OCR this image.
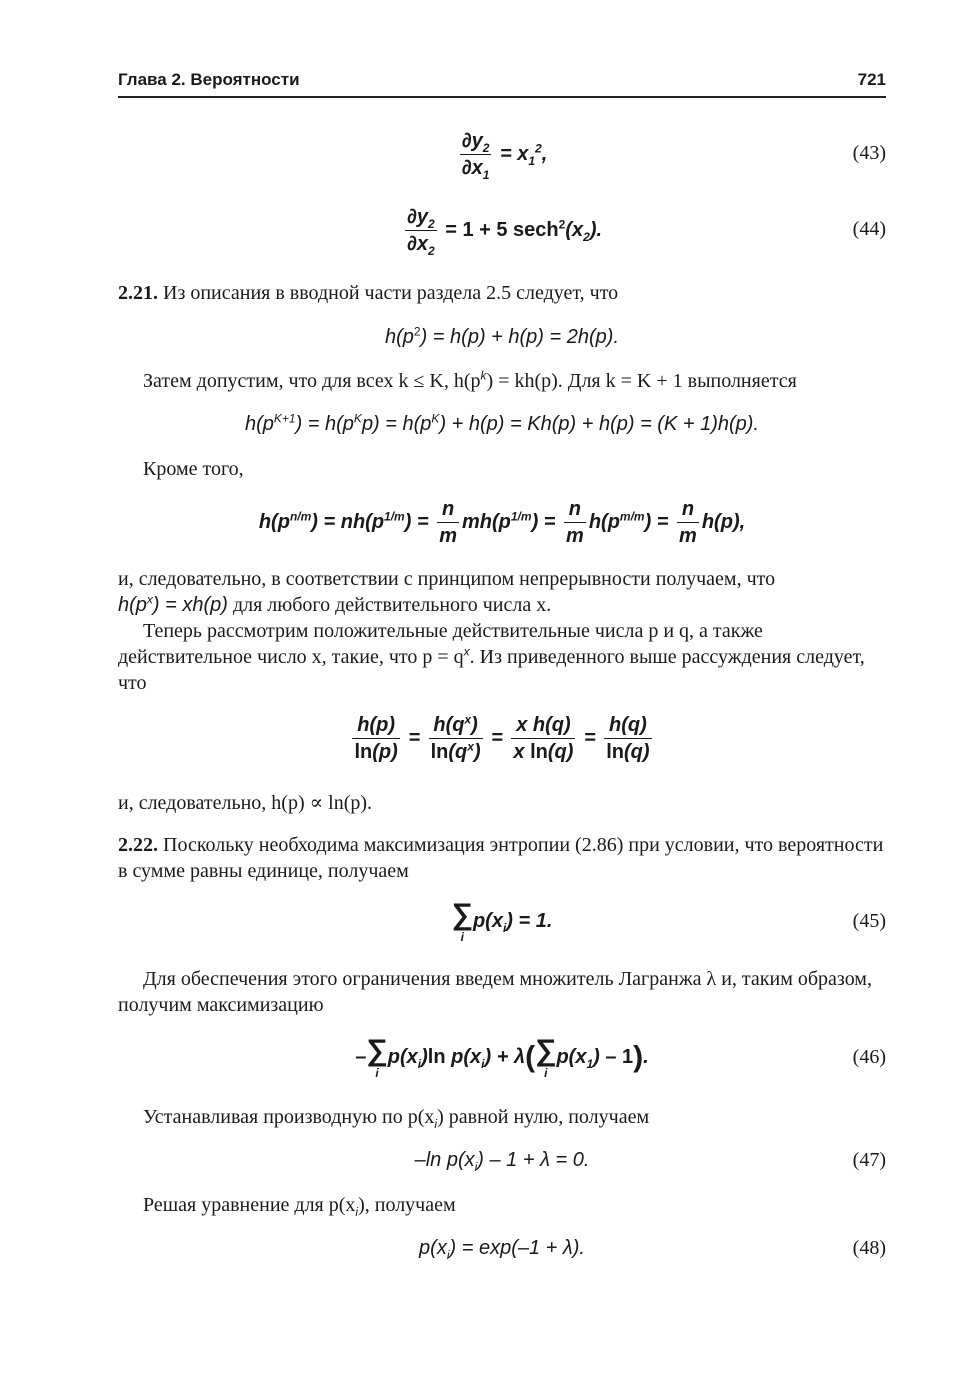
Глава 2. Вероятности	721
$\frac{\partial y_2}{\partial x_1} = x_1^2$,	(43)
$\frac{\partial y_2}{\partial x_2} = 1 + 5$ $\sec h^2(x_2)$.	(44)
2.21. Из описания в вводной части раздела 2.5 следует, что
$h(p^2) = h(p) + h(p) = 2h(p)$.
Затем допустим, что для всех k ≤ K, $h(p^k) = kh(p)$. Для k = K + 1 выполняется
$h(p^{K+1}) = h(p^Kp) = h(p^K) + h(p) = Kh(p) + h(p) = (K + 1)h(p)$.
Кроме того,
$h(p^{n/m}) = nh(p^{1/m}) = \frac{n}{m} mh(p^{1/m}) = \frac{n}{m} h(p^{m/m}) = \frac{n}{m} h(p)$,
и, следовательно, в соответствии с принципом непрерывности получаем, что
$h(p^x) = xh(p)$ для любого действительного числа x.
Теперь рассмотрим положительные действительные числа p и q, а также действительное число x, такие, что $p = q^x$. Из приведенного выше рассуждения следует, что
$\frac{h(p)}{\ln(p)} = \frac{h(q^x)}{\ln(q^x)} = \frac{\text{x h(q)}}{\text{x ln(q)}} = \frac{h(q)}{\ln(q)}$
и, следовательно, h(p) ∝ ln(p).
2.22. Поскольку необходима максимизация энтропии (2.86) при условии, что вероятности в сумме равны единице, получаем
∑
i
$p(x_i) = 1$.	(45)
Для обеспечения этого ограничения введем множитель Лагранжа λ и, таким образом, получим максимизацию
– ∑
i
$p(x_i)\ln$ $p(x_i) + \lambda$( ∑
i
$p(x_1) - 1$).	(46)
Устанавливая производную по $p(x_i)$ равной нулю, получаем
–ln $p(x_i) - 1 + \lambda = 0$.	(47)
Решая уравнение для $p(x_i)$, получаем
$p(x_i) = \exp(-1 + \lambda)$.	(48)
